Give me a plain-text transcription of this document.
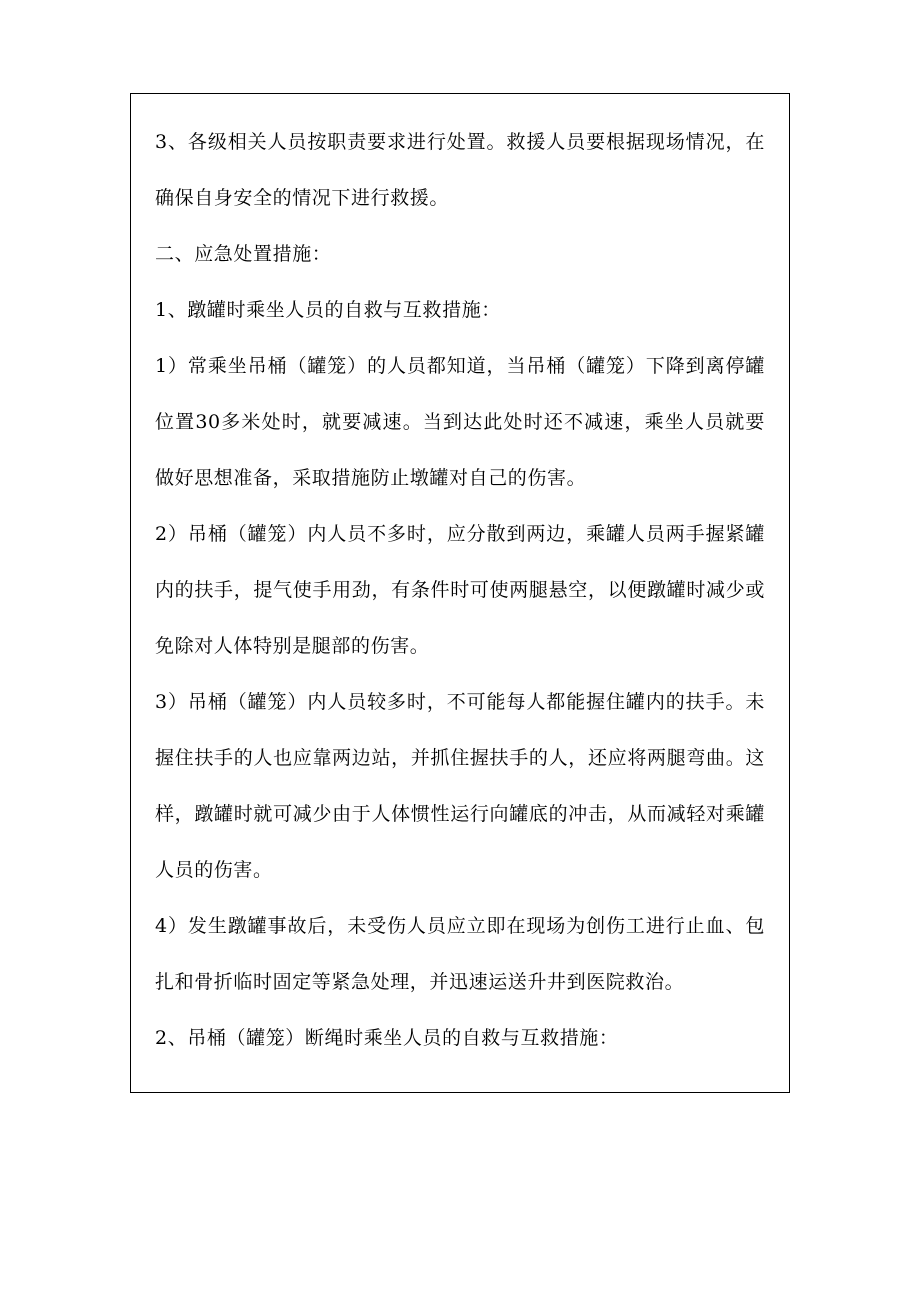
3、各级相关人员按职责要求进行处置。救援人员要根据现场情况，在确保自身安全的情况下进行救援。

二、应急处置措施：

1、蹾罐时乘坐人员的自救与互救措施：

1）常乘坐吊桶（罐笼）的人员都知道，当吊桶（罐笼）下降到离停罐位置30多米处时，就要减速。当到达此处时还不减速，乘坐人员就要做好思想准备，采取措施防止墩罐对自己的伤害。

2）吊桶（罐笼）内人员不多时，应分散到两边，乘罐人员两手握紧罐内的扶手，提气使手用劲，有条件时可使两腿悬空，以便蹾罐时减少或免除对人体特别是腿部的伤害。

3）吊桶（罐笼）内人员较多时，不可能每人都能握住罐内的扶手。未握住扶手的人也应靠两边站，并抓住握扶手的人，还应将两腿弯曲。这样，蹾罐时就可减少由于人体惯性运行向罐底的冲击，从而减轻对乘罐人员的伤害。

4）发生蹾罐事故后，未受伤人员应立即在现场为创伤工进行止血、包扎和骨折临时固定等紧急处理，并迅速运送升井到医院救治。

2、吊桶（罐笼）断绳时乘坐人员的自救与互救措施：
